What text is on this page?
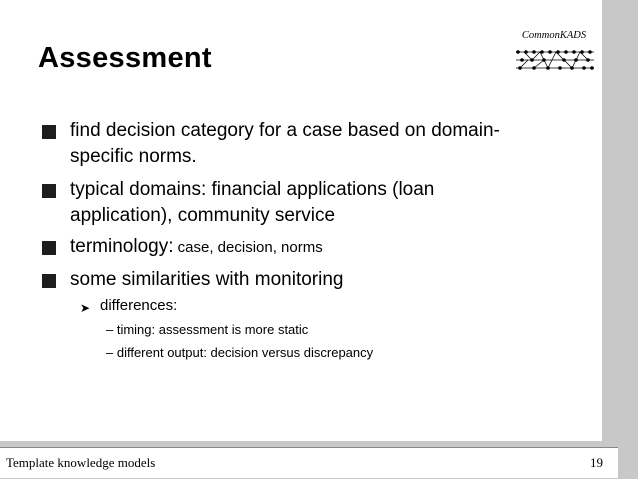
Assessment
CommonKADS
find decision category for a case based on domain-
specific norms.
typical domains: financial applications (loan
application), community service
terminology: case, decision, norms
some similarities with monitoring
➤ differences:
– timing: assessment is more static
– different output: decision versus discrepancy
Template knowledge models	19
